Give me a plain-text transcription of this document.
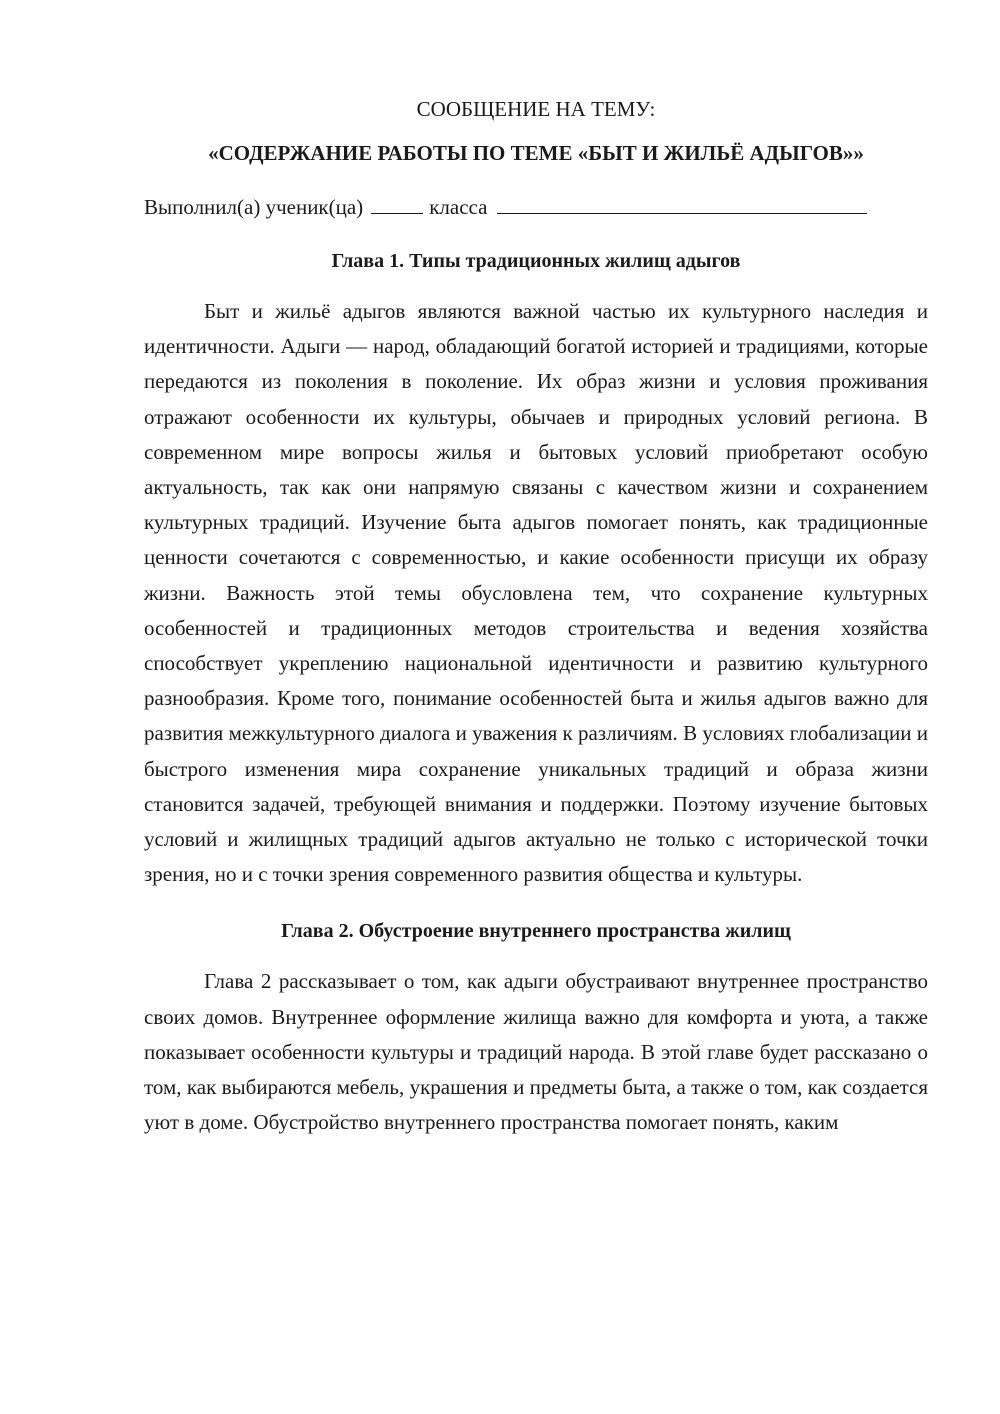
СООБЩЕНИЕ НА ТЕМУ:
«СОДЕРЖАНИЕ РАБОТЫ ПО ТЕМЕ «БЫТ И ЖИЛЬЁ АДЫГОВ»»

Выполнил(а) ученик(ца)	класса

Глава 1. Типы традиционных жилищ адыгов

Быт и жильё адыгов являются важной частью их культурного наследия и идентичности. Адыги — народ, обладающий богатой историей и традициями, которые передаются из поколения в поколение. Их образ жизни и условия проживания отражают особенности их культуры, обычаев и природных условий региона. В современном мире вопросы жилья и бытовых условий приобретают особую актуальность, так как они напрямую связаны с качеством жизни и сохранением культурных традиций. Изучение быта адыгов помогает понять, как традиционные ценности сочетаются с современностью, и какие особенности присущи их образу жизни. Важность этой темы обусловлена тем, что сохранение культурных особенностей и традиционных методов строительства и ведения хозяйства способствует укреплению национальной идентичности и развитию культурного разнообразия. Кроме того, понимание особенностей быта и жилья адыгов важно для развития межкультурного диалога и уважения к различиям. В условиях глобализации и быстрого изменения мира сохранение уникальных традиций и образа жизни становится задачей, требующей внимания и поддержки. Поэтому изучение бытовых условий и жилищных традиций адыгов актуально не только с исторической точки зрения, но и с точки зрения современного развития общества и культуры.

Глава 2. Обустроение внутреннего пространства жилищ

Глава 2 рассказывает о том, как адыги обустраивают внутреннее пространство своих домов. Внутреннее оформление жилища важно для комфорта и уюта, а также показывает особенности культуры и традиций народа. В этой главе будет рассказано о том, как выбираются мебель, украшения и предметы быта, а также о том, как создается уют в доме. Обустройство внутреннего пространства помогает понять, каким
